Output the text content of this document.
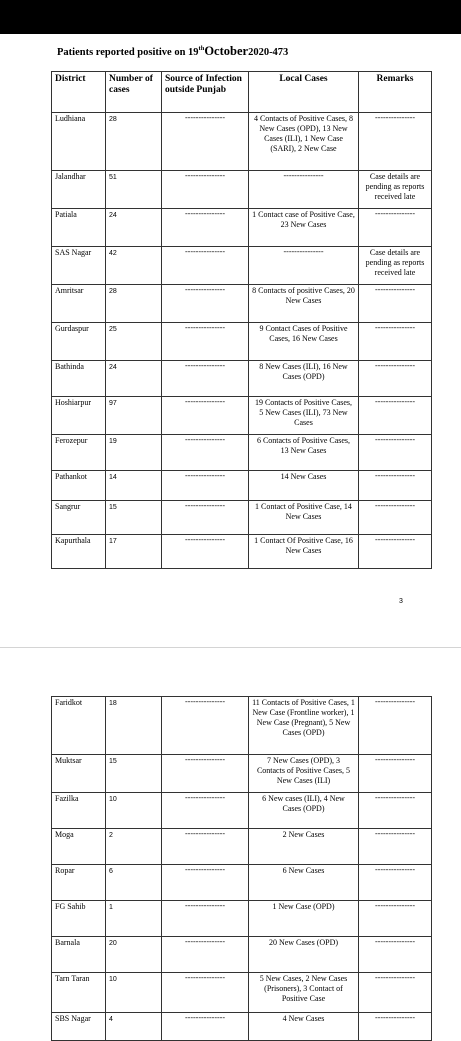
Patients reported positive on 19thOctober2020-473
District	Number of cases	Source of Infection outside Punjab	Local Cases	Remarks
Ludhiana	28	---------------	4 Contacts of Positive Cases, 8 New Cases (OPD), 13 New Cases (ILI), 1 New Case (SARI), 2 New Case	---------------
Jalandhar	51	---------------	---------------	Case details are pending as reports received late
Patiala	24	---------------	1 Contact case of Positive Case, 23 New Cases	---------------
SAS Nagar	42	---------------	---------------	Case details are pending as reports received late
Amritsar	28	---------------	8 Contacts of positive Cases, 20 New Cases	---------------
Gurdaspur	25	---------------	9 Contact Cases of Positive Cases, 16 New Cases	---------------
Bathinda	24	---------------	8 New Cases (ILI), 16 New Cases (OPD)	---------------
Hoshiarpur	97	---------------	19 Contacts of Positive Cases, 5 New Cases (ILI), 73 New Cases	---------------
Ferozepur	19	---------------	6 Contacts of Positive Cases, 13 New Cases	---------------
Pathankot	14	---------------	14 New Cases	---------------
Sangrur	15	---------------	1 Contact of Positive Case, 14 New Cases	---------------
Kapurthala	17	---------------	1 Contact Of Positive Case, 16 New Cases	---------------
3
Faridkot	18	---------------	11 Contacts of Positive Cases, 1 New Case (Frontline worker), 1 New Case (Pregnant), 5 New Cases (OPD)	---------------
Muktsar	15	---------------	7 New Cases (OPD), 3 Contacts of Positive Cases, 5 New Cases (ILI)	---------------
Fazilka	10	---------------	6 New cases (ILI), 4 New Cases (OPD)	---------------
Moga	2	---------------	2 New Cases	---------------
Ropar	6	---------------	6 New Cases	---------------
FG Sahib	1	---------------	1 New Case (OPD)	---------------
Barnala	20	---------------	20 New Cases (OPD)	---------------
Tarn Taran	10	---------------	5 New Cases, 2 New Cases (Prisoners), 3 Contact of Positive Case	---------------
SBS Nagar	4	---------------	4 New Cases	---------------
